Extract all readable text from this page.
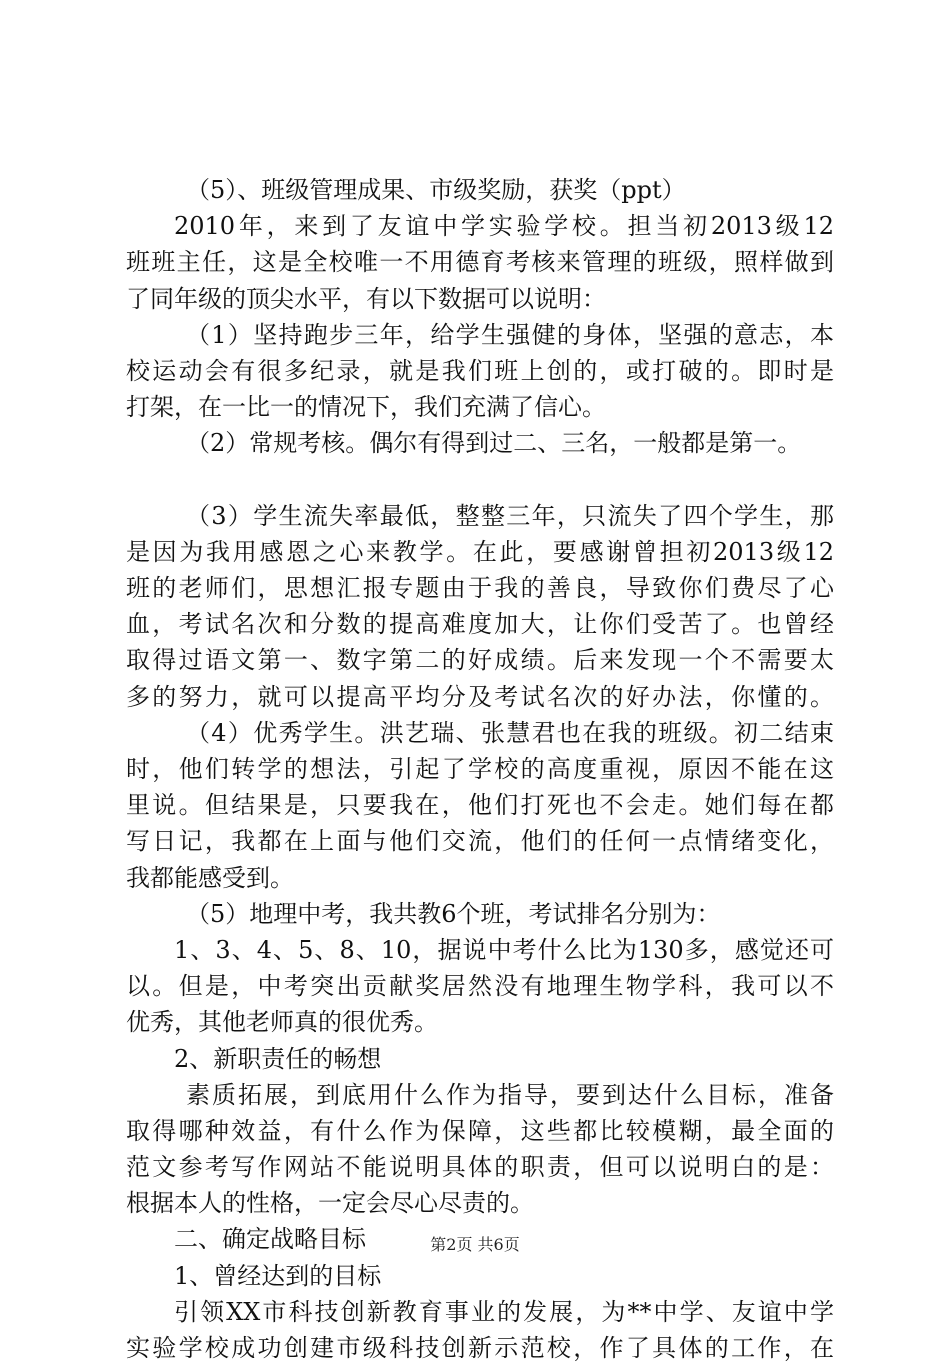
（5）、班级管理成果、市级奖励，获奖（ppt）
2010年，来到了友谊中学实验学校。担当初2013级12
班班主任，这是全校唯一不用德育考核来管理的班级，照样做到
了同年级的顶尖水平，有以下数据可以说明：
（1）坚持跑步三年，给学生强健的身体，坚强的意志，本
校运动会有很多纪录，就是我们班上创的，或打破的。即时是
打架，在一比一的情况下，我们充满了信心。
（2）常规考核。偶尔有得到过二、三名，一般都是第一。
（3）学生流失率最低，整整三年，只流失了四个学生，那
是因为我用感恩之心来教学。在此，要感谢曾担初2013级12
班的老师们，思想汇报专题由于我的善良，导致你们费尽了心
血，考试名次和分数的提高难度加大，让你们受苦了。也曾经
取得过语文第一、数字第二的好成绩。后来发现一个不需要太
多的努力，就可以提高平均分及考试名次的好办法，你懂的。
（4）优秀学生。洪艺瑞、张慧君也在我的班级。初二结束
时，他们转学的想法，引起了学校的高度重视，原因不能在这
里说。但结果是，只要我在，他们打死也不会走。她们每在都
写日记，我都在上面与他们交流，他们的任何一点情绪变化，
我都能感受到。
（5）地理中考，我共教6个班，考试排名分别为：
1、3、4、5、8、10，据说中考什么比为130多，感觉还可
以。但是，中考突出贡献奖居然没有地理生物学科，我可以不
优秀，其他老师真的很优秀。
2、新职责任的畅想
素质拓展，到底用什么作为指导，要到达什么目标，准备
取得哪种效益，有什么作为保障，这些都比较模糊，最全面的
范文参考写作网站不能说明具体的职责，但可以说明白的是：
根据本人的性格，一定会尽心尽责的。
二、确定战略目标
1、曾经达到的目标
引领XX市科技创新教育事业的发展，为**中学、友谊中学
实验学校成功创建市级科技创新示范校，作了具体的工作，在
第2页 共6页
